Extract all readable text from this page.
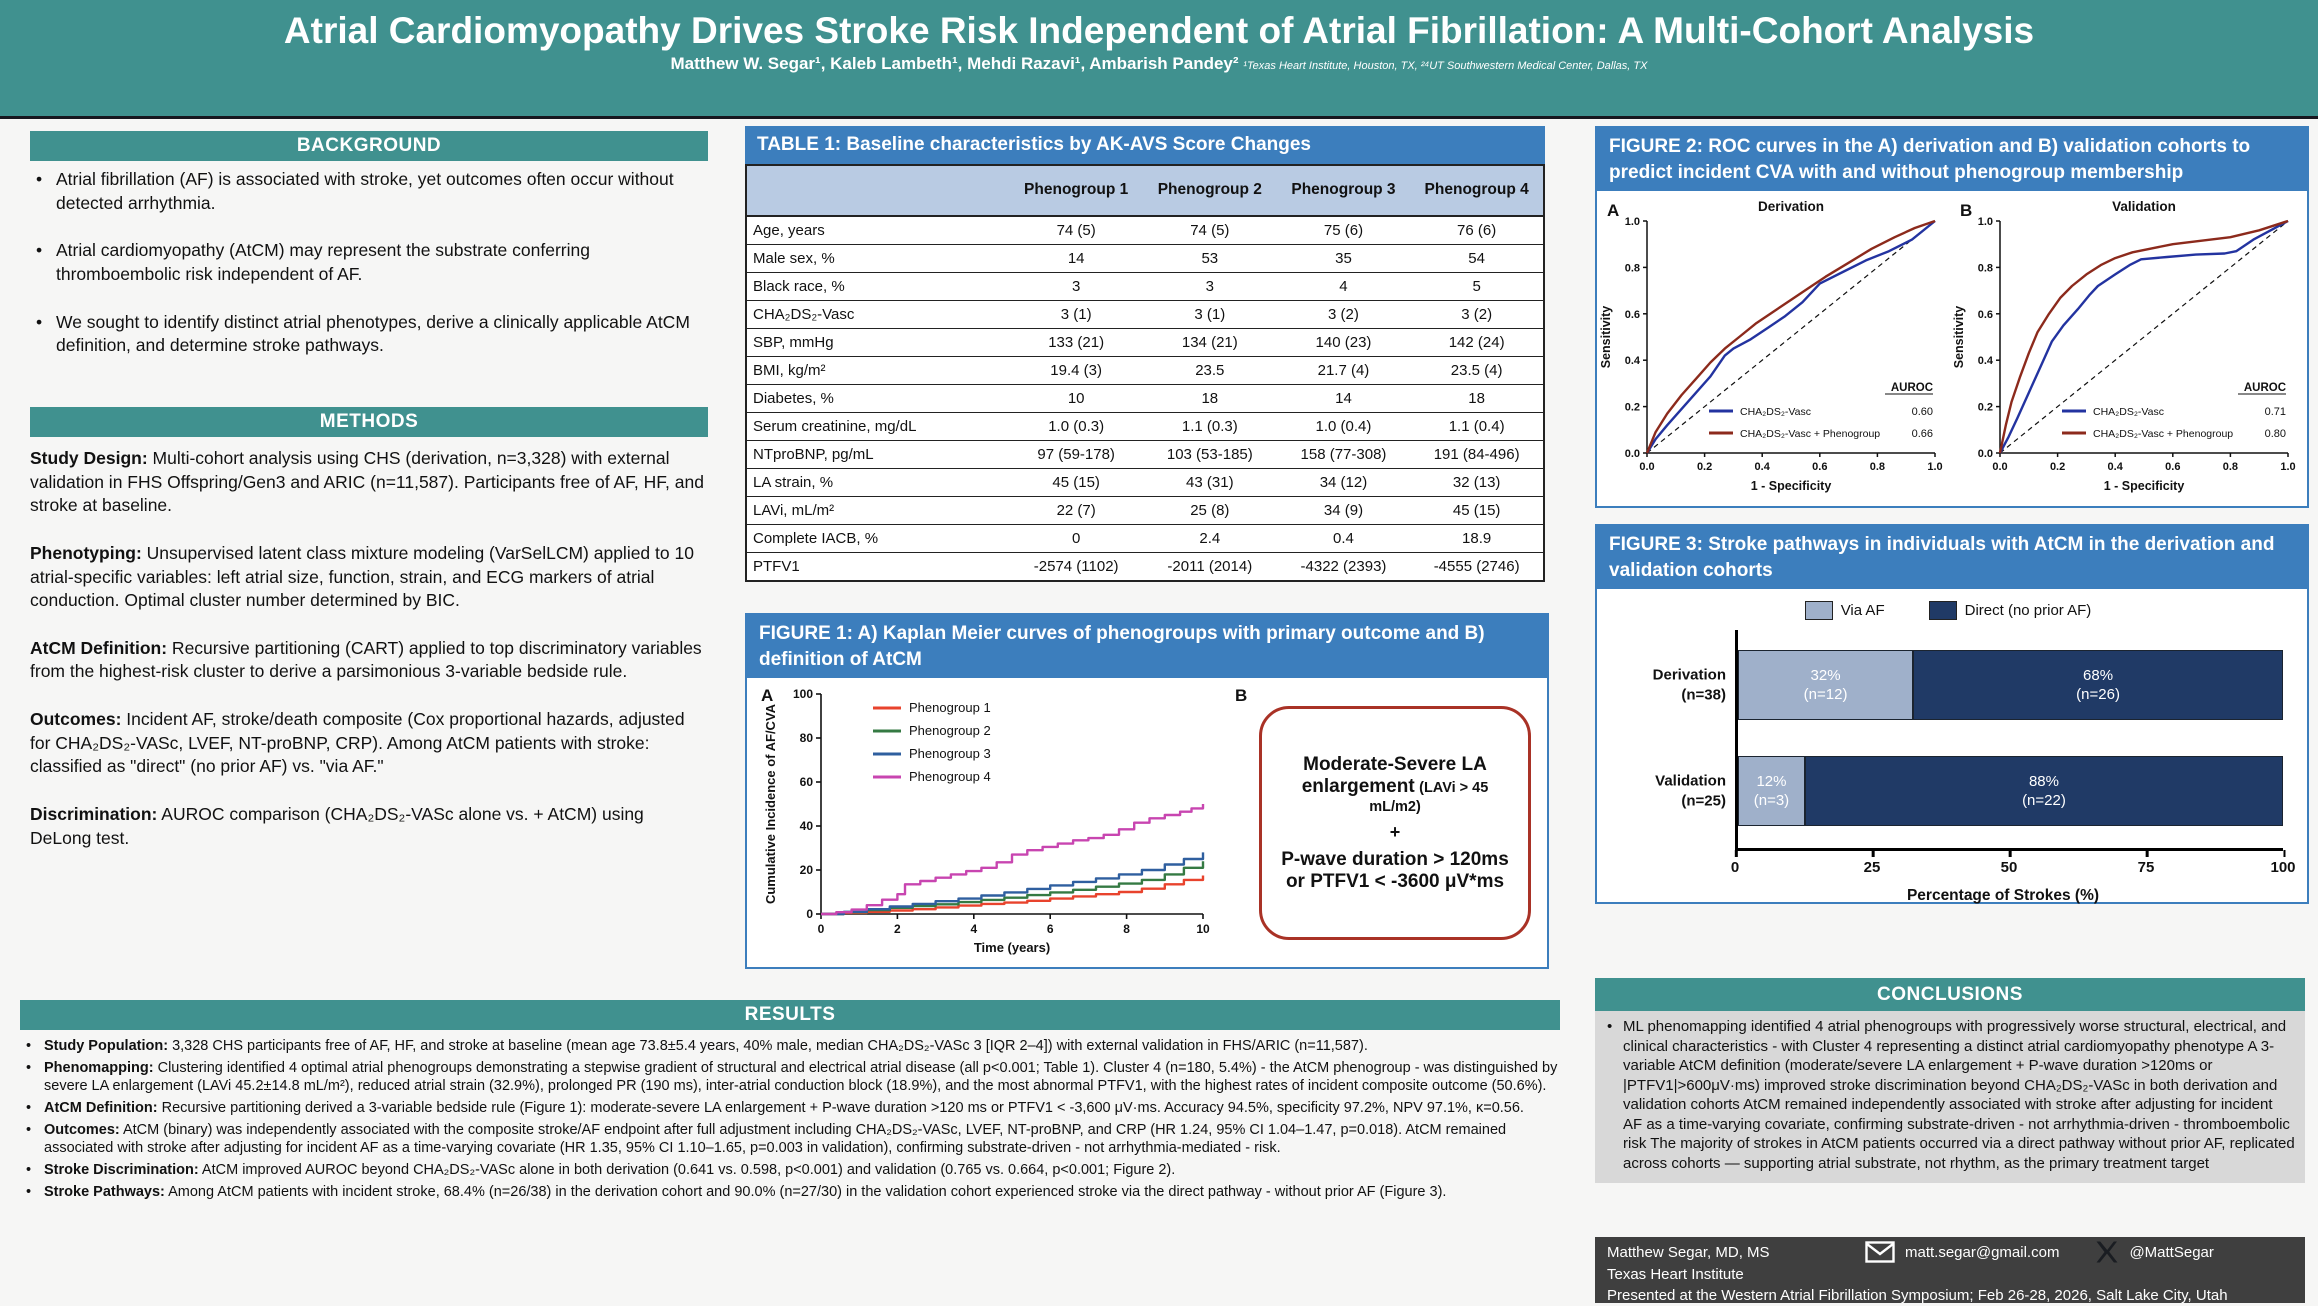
Atrial Cardiomyopathy Drives Stroke Risk Independent of Atrial Fibrillation: A Multi-Cohort Analysis
Matthew W. Segar¹, Kaleb Lambeth¹, Mehdi Razavi¹, Ambarish Pandey² ¹Texas Heart Institute, Houston, TX, ²⁴UT Southwestern Medical Center, Dallas, TX
BACKGROUND
• Atrial fibrillation (AF) is associated with stroke, yet outcomes often occur without detected arrhythmia.
• Atrial cardiomyopathy (AtCM) may represent the substrate conferring thromboembolic risk independent of AF.
• We sought to identify distinct atrial phenotypes, derive a clinically applicable AtCM definition, and determine stroke pathways.
METHODS

Study Design: Multi-cohort analysis using CHS (derivation, n=3,328) with external validation in FHS Offspring/Gen3 and ARIC (n=11,587). Participants free of AF, HF, and stroke at baseline.

Phenotyping: Unsupervised latent class mixture modeling (VarSelLCM) applied to 10 atrial-specific variables: left atrial size, function, strain, and ECG markers of atrial conduction. Optimal cluster number determined by BIC.

AtCM Definition: Recursive partitioning (CART) applied to top discriminatory variables from the highest-risk cluster to derive a parsimonious 3-variable bedside rule.

Outcomes: Incident AF, stroke/death composite (Cox proportional hazards, adjusted for CHA₂DS₂-VASc, LVEF, NT-proBNP, CRP). Among AtCM patients with stroke: classified as "direct" (no prior AF) vs. "via AF."

Discrimination: AUROC comparison (CHA₂DS₂-VASc alone vs. + AtCM) using DeLong test.

TABLE 1: Baseline characteristics by AK-AVS Score Changes
	Phenogroup 1	Phenogroup 2	Phenogroup 3	Phenogroup 4
Age, years	74 (5)	74 (5)	75 (6)	76 (6)
Male sex, %	14	53	35	54
Black race, %	3	3	4	5
CHA₂DS₂-Vasc	3 (1)	3 (1)	3 (2)	3 (2)
SBP, mmHg	133 (21)	134 (21)	140 (23)	142 (24)
BMI, kg/m²	19.4 (3)	23.5	21.7 (4)	23.5 (4)
Diabetes, %	10	18	14	18
Serum creatinine, mg/dL	1.0 (0.3)	1.1 (0.3)	1.0 (0.4)	1.1 (0.4)
NTproBNP, pg/mL	97 (59-178)	103 (53-185)	158 (77-308)	191 (84-496)
LA strain, %	45 (15)	43 (31)	34 (12)	32 (13)
LAVi, mL/m²	22 (7)	25 (8)	34 (9)	45 (15)
Complete IACB, %	0	2.4	0.4	18.9
PTFV1	-2574 (1102)	-2011 (2014)	-4322 (2393)	-4555 (2746)
FIGURE 1: A) Kaplan Meier curves of phenogroups with primary outcome and B) definition of AtCM
A
0
20
40
60
80
100
0	2	4	6	8	10
Time (years)
Cumulative Incidence of AF/CVA	Phenogroup 1
Phenogroup 2
Phenogroup 3
Phenogroup 4
B
Moderate-Severe LA enlargement (LAVi > 45 mL/m2)
+
P-wave duration > 120ms
or PTFV1 < -3600 μV*ms
FIGURE 2: ROC curves in the A) derivation and B) validation cohorts to predict incident CVA with and without phenogroup membership
A	Derivation
0.0
0.0
0.2
0.2
0.4
0.4
0.6
0.6
0.8
0.8
1.0
1.0
1 - Specificity
Sensitivity
AUROC
CHA₂DS₂-Vasc	0.60
CHA₂DS₂-Vasc + Phenogroup	0.66
B	Validation
0.0
0.0
0.2
0.2
0.4
0.4
0.6
0.6
0.8
0.8
1.0
1.0
1 - Specificity
Sensitivity
AUROC
CHA₂DS₂-Vasc	0.71
CHA₂DS₂-Vasc + Phenogroup	0.80
FIGURE 3: Stroke pathways in individuals with AtCM in the derivation and validation cohorts
Via AF	Direct (no prior AF)
Derivation
(n=38)
32%
(n=12)
68%
(n=26)
Validation
(n=25)
12%
(n=3)
88%
(n=22)
0	25	50	75	100
Percentage of Strokes (%)
CONCLUSIONS
• ML phenomapping identified 4 atrial phenogroups with progressively worse structural, electrical, and clinical characteristics - with Cluster 4 representing a distinct atrial cardiomyopathy phenotype A 3-variable AtCM definition (moderate/severe LA enlargement + P-wave duration >120ms or |PTFV1|>600μV·ms) improved stroke discrimination beyond CHA₂DS₂-VASc in both derivation and validation cohorts AtCM remained independently associated with stroke after adjusting for incident AF as a time-varying covariate, confirming substrate-driven - not arrhythmia-driven - thromboembolic risk The majority of strokes in AtCM patients occurred via a direct pathway without prior AF, replicated across cohorts — supporting atrial substrate, not rhythm, as the primary treatment target
Matthew Segar, MD, MS	matt.segar@gmail.com	@MattSegar
Texas Heart Institute
Presented at the Western Atrial Fibrillation Symposium; Feb 26-28, 2026, Salt Lake City, Utah
RESULTS
• Study Population: 3,328 CHS participants free of AF, HF, and stroke at baseline (mean age 73.8±5.4 years, 40% male, median CHA₂DS₂-VASc 3 [IQR 2–4]) with external validation in FHS/ARIC (n=11,587).
• Phenomapping: Clustering identified 4 optimal atrial phenogroups demonstrating a stepwise gradient of structural and electrical atrial disease (all p<0.001; Table 1). Cluster 4 (n=180, 5.4%) - the AtCM phenogroup - was distinguished by severe LA enlargement (LAVi 45.2±14.8 mL/m²), reduced atrial strain (32.9%), prolonged PR (190 ms), inter-atrial conduction block (18.9%), and the most abnormal PTFV1, with the highest rates of incident composite outcome (50.6%).
• AtCM Definition: Recursive partitioning derived a 3-variable bedside rule (Figure 1): moderate-severe LA enlargement + P-wave duration >120 ms or PTFV1 < -3,600 μV·ms. Accuracy 94.5%, specificity 97.2%, NPV 97.1%, κ=0.56.
• Outcomes: AtCM (binary) was independently associated with the composite stroke/AF endpoint after full adjustment including CHA₂DS₂-VASc, LVEF, NT-proBNP, and CRP (HR 1.24, 95% CI 1.04–1.47, p=0.018). AtCM remained associated with stroke after adjusting for incident AF as a time-varying covariate (HR 1.35, 95% CI 1.10–1.65, p=0.003 in validation), confirming substrate-driven - not arrhythmia-mediated - risk.
• Stroke Discrimination: AtCM improved AUROC beyond CHA₂DS₂-VASc alone in both derivation (0.641 vs. 0.598, p<0.001) and validation (0.765 vs. 0.664, p<0.001; Figure 2).
• Stroke Pathways: Among AtCM patients with incident stroke, 68.4% (n=26/38) in the derivation cohort and 90.0% (n=27/30) in the validation cohort experienced stroke via the direct pathway - without prior AF (Figure 3).
